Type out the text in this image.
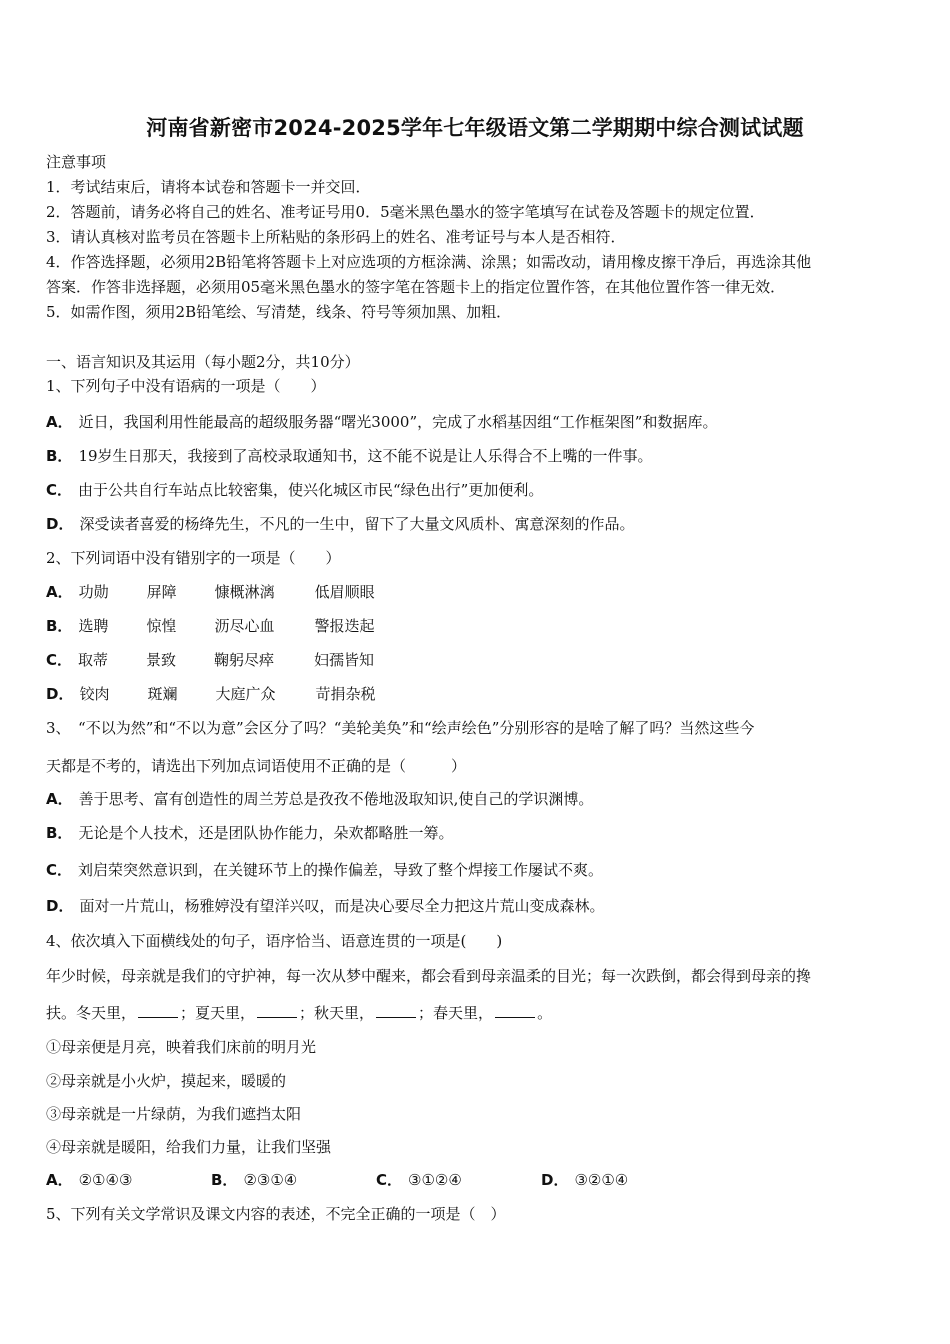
河南省新密市2024-2025学年七年级语文第二学期期中综合测试试题
注意事项
1．考试结束后，请将本试卷和答题卡一并交回．
2．答题前，请务必将自己的姓名、准考证号用0．5毫米黑色墨水的签字笔填写在试卷及答题卡的规定位置．
3．请认真核对监考员在答题卡上所粘贴的条形码上的姓名、准考证号与本人是否相符．
4．作答选择题，必须用2B铅笔将答题卡上对应选项的方框涂满、涂黑；如需改动，请用橡皮擦干净后，再选涂其他
答案．作答非选择题，必须用05毫米黑色墨水的签字笔在答题卡上的指定位置作答，在其他位置作答一律无效．
5．如需作图，须用2B铅笔绘、写清楚，线条、符号等须加黑、加粗．
一、语言知识及其运用（每小题2分，共10分）
1、下列句子中没有语病的一项是（　　）
A． 近日，我国利用性能最高的超级服务器“曙光3000”，完成了水稻基因组“工作框架图”和数据库。
B． 19岁生日那天，我接到了高校录取通知书，这不能不说是让人乐得合不上嘴的一件事。
C． 由于公共自行车站点比较密集，使兴化城区市民“绿色出行”更加便利。
D． 深受读者喜爱的杨绛先生，不凡的一生中，留下了大量文风质朴、寓意深刻的作品。
2、下列词语中没有错别字的一项是（　　）
A． 功勋	屏障	慷概淋漓	低眉顺眼
B． 选聘	惊惶	沥尽心血	警报迭起
C． 取蒂	景致	鞠躬尽瘁	妇孺皆知
D． 铰肉	斑斓	大庭广众	苛捐杂税
3、　“不以为然”和“不以为意”会区分了吗？“美轮美奂”和“绘声绘色”分别形容的是啥了解了吗？当然这些今
天都是不考的，请选出下列加点词语使用不正确的是（　　　）
A． 善于思考、富有创造性的周兰芳总是孜孜不倦地汲取知识,使自己的学识渊博。
B． 无论是个人技术，还是团队协作能力，朵欢都略胜一筹。
C． 刘启荣突然意识到，在关键环节上的操作偏差，导致了整个焊接工作屡试不爽。
D． 面对一片荒山，杨雅婷没有望洋兴叹，而是决心要尽全力把这片荒山变成森林。
4、依次填入下面横线处的句子，语序恰当、语意连贯的一项是(　　)
年少时候，母亲就是我们的守护神，每一次从梦中醒来，都会看到母亲温柔的目光；每一次跌倒，都会得到母亲的搀
扶。冬天里，	；夏天里，	；秋天里，	；春天里，	。
①母亲便是月亮，映着我们床前的明月光
②母亲就是小火炉，摸起来，暖暖的
③母亲就是一片绿荫，为我们遮挡太阳
④母亲就是暖阳，给我们力量，让我们坚强
A． ②①④③	B． ②③①④	C． ③①②④	D． ③②①④
5、下列有关文学常识及课文内容的表述，不完全正确的一项是（　）
